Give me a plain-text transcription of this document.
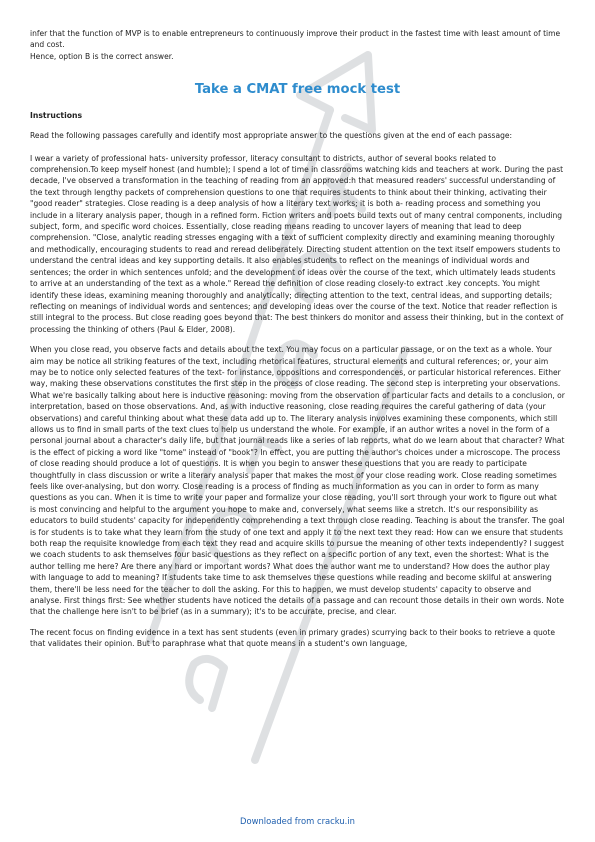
infer that the function of MVP is to enable entrepreneurs to continuously improve their product in the fastest time with least amount of time and cost.

Hence, option B is the correct answer.

Take a CMAT free mock test

Instructions

Read the following passages carefully and identify most appropriate answer to the questions given at the end of each passage:

I wear a variety of professional hats- university professor, literacy consultant to districts, author of several books related to comprehension.To keep myself honest (and humble); I spend a lot of time in classrooms watching kids and teachers at work. During the past decade, I've observed a transformation in the teaching of reading from an approved:h that measured readers' successful understanding of the text through lengthy packets of comprehension questions to one that requires students to think about their thinking, activating their "good reader" strategies. Close reading is a deep analysis of how a literary text works; it is both a- reading process and something you include in a literary analysis paper, though in a refined form. Fiction writers and poets build texts out of many central components, including subject, form, and specific word choices. Essentially, close reading means reading to uncover layers of meaning that lead to deep comprehension. "Close, analytic reading stresses engaging with a text of sufficient complexity directly and examining meaning thoroughly and methodically, encouraging students to read and reread deliberately. Directing student attention on the text itself empowers students to understand the central ideas and key supporting details. It also enables students to reflect on the meanings of individual words and sentences; the order in which sentences unfold; and the development of ideas over the course of the text, which ultimately leads students to arrive at an understanding of the text as a whole." Reread the definition of close reading closely-to extract .key concepts. You might identify these ideas, examining meaning thoroughly and analytically; directing attention to the text, central ideas, and supporting details; reflecting on meanings of individual words and sentences; and developing ideas over the course of the text. Notice that reader reflection is still integral to the process. But close reading goes beyond that: The best thinkers do monitor and assess their thinking, but in the context of processing the thinking of others (Paul & Elder, 2008).

When you close read, you observe facts and details about the text. You may focus on a particular passage, or on the text as a whole. Your aim may be notice all striking features of the text, including rhetorical features, structural elements and cultural references; or, your aim may be to notice only selected features of the text- for instance, oppositions and correspondences, or particular historical references. Either way, making these observations constitutes the first step in the process of close reading. The second step is interpreting your observations. What we're basically talking about here is inductive reasoning: moving from the observation of particular facts and details to a conclusion, or interpretation, based on those observations. And, as with inductive reasoning, close reading requires the careful gathering of data (your observations) and careful thinking about what these data add up to. The literary analysis involves examining these components, which still allows us to find in small parts of the text clues to help us understand the whole. For example, if an author writes a novel in the form of a personal journal about a character's daily life, but that journal reads like a series of lab reports, what do we learn about that character? What is the effect of picking a word like "tome" instead of "book"? In effect, you are putting the author's choices under a microscope. The process of close reading should produce a lot of questions. It is when you begin to answer these questions that you are ready to participate thoughtfully in class discussion or write a literary analysis paper that makes the most of your close reading work. Close reading sometimes feels like over-analysing, but don worry. Close reading is a process of finding as much information as you can in order to form as many questions as you can. When it is time to write your paper and formalize your close reading, you'll sort through your work to figure out what is most convincing and helpful to the argument you hope to make and, conversely, what seems like a stretch. It's our responsibility as educators to build students' capacity for independently comprehending a text through close reading. Teaching is about the transfer. The goal is for students is to take what they learn from the study of one text and apply it to the next text they read: How can we ensure that students both reap the requisite knowledge from each text they read and acquire skills to pursue the meaning of other texts independently? I suggest we coach students to ask themselves four basic questions as they reflect on a specific portion of any text, even the shortest: What is the author telling me here? Are there any hard or important words? What does the author want me to understand? How does the author play with language to add to meaning? If students take time to ask themselves these questions while reading and become skilful at answering them, there'll be less need for the teacher to doll the asking. For this to happen, we must develop students' capacity to observe and analyse. First things first: See whether students have noticed the details of a passage and can recount those details in their own words. Note that the challenge here isn't to be brief (as in a summary); it's to be accurate, precise, and clear.

The recent focus on finding evidence in a text has sent students (even in primary grades) scurrying back to their books to retrieve a quote that validates their opinion. But to paraphrase what that quote means in a student's own language,

Downloaded from cracku.in
